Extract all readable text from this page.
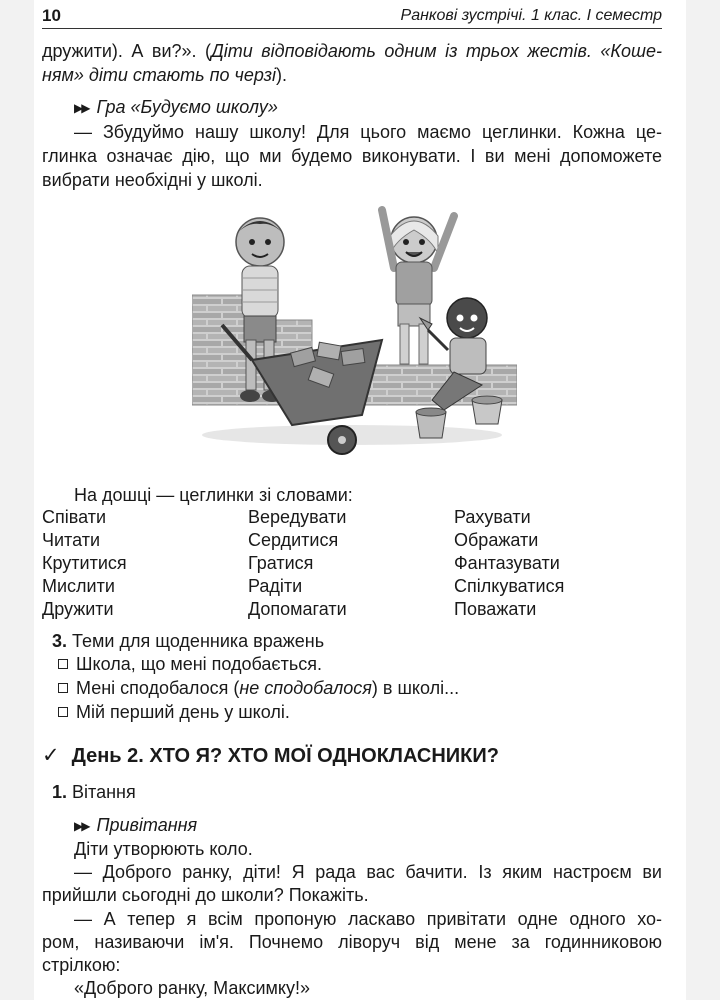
10	Ранкові зустрічі. 1 клас. І семестр
дружити). А ви?». (Діти відповідають одним із трьох жестів. «Коше-
ням» діти стають по черзі).
▶▶ Гра «Будуємо школу»
— Збудуймо нашу школу! Для цього маємо цеглинки. Кожна це-
глинка означає дію, що ми будемо виконувати. І ви мені допоможете
вибрати необхідні у школі.
На дошці — цеглинки зі словами:
Співати
Читати
Крутитися
Мислити
Дружити
Вередувати
Сердитися
Гратися
Радіти
Допомагати
Рахувати
Ображати
Фантазувати
Спілкуватися
Поважати
3. Теми для щоденника вражень
Школа, що мені подобається.
Мені сподобалося (не сподобалося) в школі...
Мій перший день у школі.
✓ День 2. ХТО Я? ХТО МОЇ ОДНОКЛАСНИКИ?
1. Вітання
▶▶ Привітання
Діти утворюють коло.
— Доброго ранку, діти! Я рада вас бачити. Із яким настроєм ви
прийшли сьогодні до школи? Покажіть.
— А тепер я всім пропоную ласкаво привітати одне одного хо-
ром, називаючи ім'я. Почнемо ліворуч від мене за годинниковою
стрілкою:
«Доброго ранку, Максимку!»
